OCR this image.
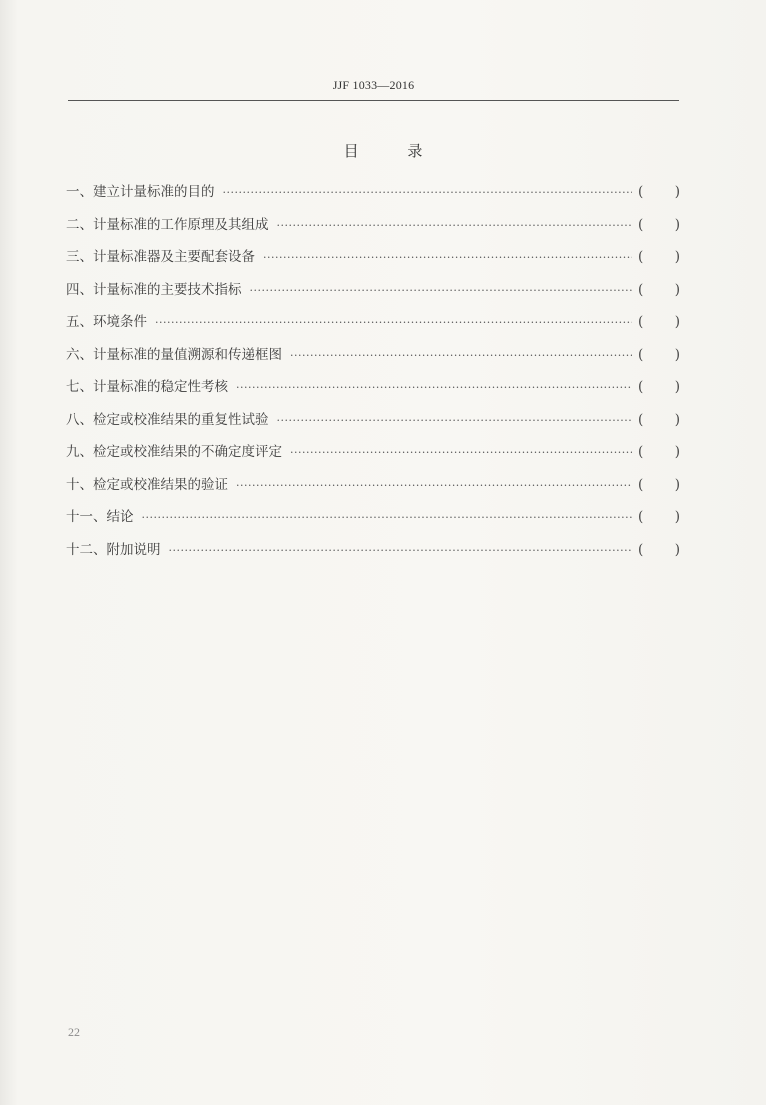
JJF 1033—2016
目 录
一、建立计量标准的目的 ·····	( )
二、计量标准的工作原理及其组成 ·····	( )
三、计量标准器及主要配套设备 ·····	( )
四、计量标准的主要技术指标 ·····	( )
五、环境条件 ·····	( )
六、计量标准的量值溯源和传递框图 ·····	( )
七、计量标准的稳定性考核 ·····	( )
八、检定或校准结果的重复性试验 ·····	( )
九、检定或校准结果的不确定度评定 ·····	( )
十、检定或校准结果的验证 ·····	( )
十一、结论 ·····	( )
十二、附加说明 ·····	( )
22
